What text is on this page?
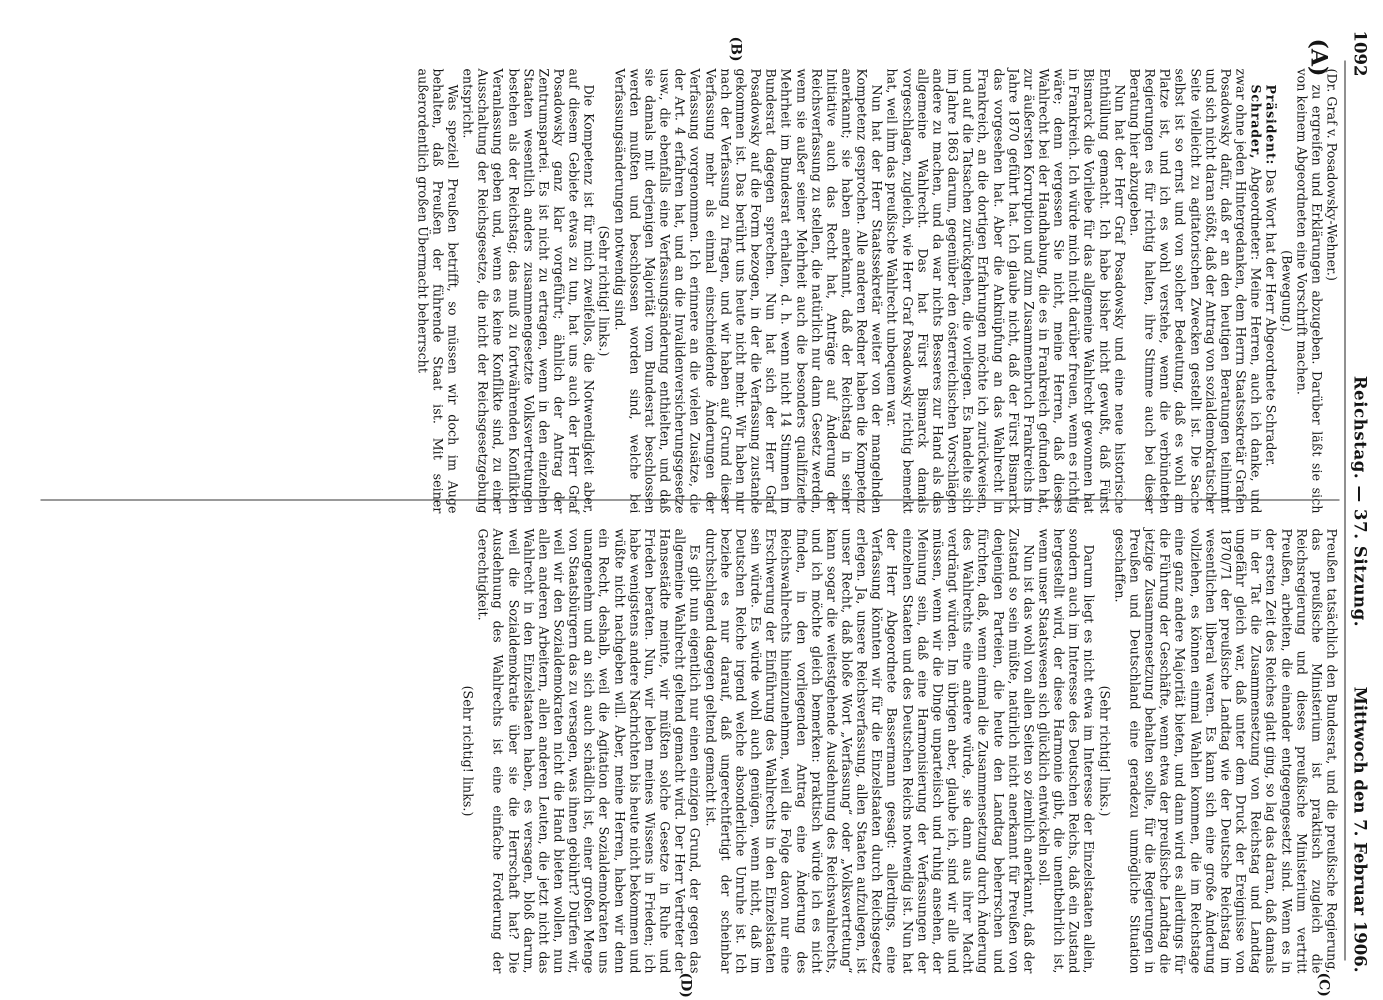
1092
Reichstag. — 37. Sitzung.
Mittwoch den 7. Februar 1906.
(A)
(B)
(C)
(D)

(Dr. Graf v. Posadowsky-Wehner.)

zu ergreifen und Erklärungen abzugeben. Darüber läßt sie sich von keinem Abgeordneten eine Vorschrift machen.

(Bewegung.)

Präsident: Das Wort hat der Herr Abgeordnete Schrader.

Schrader, Abgeordneter: Meine Herren, auch ich danke, und zwar ohne jeden Hintergedanken, dem Herrn Staatssekretär Grafen Posadowsky dafür, daß er an den heutigen Beratungen teilnimmt und sich nicht daran stößt, daß der Antrag von sozialdemokratischer Seite vielleicht zu agitatorischen Zwecken gestellt ist. Die Sache selbst ist so ernst und von solcher Bedeutung, daß es wohl am Platze ist, und ich es wohl verstehe, wenn die verbündeten Regierungen es für richtig halten, ihre Stimme auch bei dieser Beratung hier abzugeben.

Nun hat der Herr Graf Posadowsky und eine neue historische Enthüllung gemacht. Ich habe bisher nicht gewußt, daß Fürst Bismarck die Vorliebe für das allgemeine Wahlrecht gewonnen hat in Frankreich. Ich würde mich nicht darüber freuen, wenn es richtig wäre; denn vergessen Sie nicht, meine Herren, daß dieses Wahlrecht bei der Handhabung, die es in Frankreich gefunden hat, zur äußersten Korruption und zum Zusammenbruch Frankreichs im Jahre 1870 geführt hat. Ich glaube nicht, daß der Fürst Bismarck das vorgesehen hat. Aber die Anknüpfung an das Wahlrecht in Frankreich, an die dortigen Erfahrungen möchte ich zurückweisen, und auf die Tatsachen zurückgehen, die vorliegen. Es handelte sich im Jahre 1863 darum, gegenüber den österreichischen Vorschlägen andere zu machen, und da war nichts Besseres zur Hand als das allgemeine Wahlrecht. Das hat Fürst Bismarck damals vorgeschlagen, zugleich, wie Herr Graf Posadowsky richtig bemerkt hat, weil ihm das preußische Wahlrecht unbequem war.

Nun hat der Herr Staatssekretär weiter von der mangelnden Kompetenz gesprochen. Alle anderen Redner haben die Kompetenz anerkannt; sie haben anerkannt, daß der Reichstag in seiner Initiative auch das Recht hat, Anträge auf Änderung der Reichsverfassung zu stellen, die natürlich nur dann Gesetz werden, wenn sie außer seiner Mehrheit auch die besonders qualifizierte Mehrheit im Bundesrat erhalten, d. h. wenn nicht 14 Stimmen im Bundesrat dagegen sprechen. Nun hat sich der Herr Graf Posadowsky auf die Form bezogen, in der die Verfassung zustande gekommen ist. Das berührt uns heute nicht mehr. Wir haben nur nach der Verfassung zu fragen, und wir haben auf Grund dieser Verfassung mehr als einmal einschneidende Änderungen der Verfassung vorgenommen. Ich erinnere an die vielen Zusätze, die der Art. 4 erfahren hat, und an die Invalidenversicherungsgesetze usw., die ebenfalls eine Verfassungsänderung enthielten, und daß sie damals mit derjenigen Majorität vom Bundesrat beschlossen werden mußten und beschlossen worden sind, welche bei Verfassungsänderungen notwendig sind.

(Sehr richtig! links.)

Die Kompetenz ist für mich zweifellos, die Notwendigkeit aber, auf diesem Gebiete etwas zu tun, hat uns auch der Herr Graf Posadowsky ganz klar vorgeführt; ähnlich der Antrag der Zentrumspartei. Es ist nicht zu ertragen, wenn in den einzelnen Staaten wesentlich anders zusammengesetzte Volksvertretungen bestehen als der Reichstag; das muß zu fortwährenden Konflikten Veranlassung geben und, wenn es keine Konflikte sind, zu einer Ausschaltung der Reichsgesetze, die nicht der Reichsgesetzgebung entspricht.

Was speziell Preußen betrifft, so müssen wir doch im Auge behalten, daß Preußen der führende Staat ist. Mit seiner außerordentlich großen Übermacht beherrscht

Preußen tatsächlich den Bundesrat, und die preußische Regierung, das preußische Ministerium ist praktisch zugleich die Reichsregierung und dieses preußische Ministerium vertritt Preußen, arbeiten, die einander entgegengesetzt sind. Wenn es in der ersten Zeit des Reiches glatt ging, so lag das daran, daß damals in der Tat die Zusammensetzung von Reichstag und Landtag ungefähr gleich war, daß unter dem Druck der Ereignisse von 1870/71 der preußische Landtag wie der Deutsche Reichstag im wesentlichen liberal waren. Es kann sich eine große Änderung vollziehen, es können einmal Wahlen kommen, die im Reichstage eine ganz andere Majorität bieten, und dann wird es allerdings für die Führung der Geschäfte, wenn etwa der preußische Landtag die jetzige Zusammensetzung behalten sollte, für die Regierungen in Preußen und Deutschland eine geradezu unmögliche Situation geschaffen.

(Sehr richtig! links.)

Darum liegt es nicht etwa im Interesse der Einzelstaaten allein, sondern auch im Interesse des Deutschen Reichs, daß ein Zustand hergestellt wird, der diese Harmonie gibt, die unentbehrlich ist, wenn unser Staatswesen sich glücklich entwickeln soll.

Nun ist das wohl von allen Seiten so ziemlich anerkannt, daß der Zustand so sein müßte, natürlich nicht anerkannt für Preußen von denjenigen Parteien, die heute den Landtag beherrschen und fürchten, daß, wenn einmal die Zusammensetzung durch Änderung des Wahlrechts eine andere würde, sie dann aus ihrer Macht verdrängt würden. Im übrigen aber, glaube ich, sind wir alle und müssen, wenn wir die Dinge unparteiisch und ruhig ansehen, der Meinung sein, daß eine Harmonisierung der Verfassungen der einzelnen Staaten und des Deutschen Reichs notwendig ist. Nun hat der Herr Abgeordnete Bassermann gesagt: allerdings, eine Verfassung könnten wir für die Einzelstaaten durch Reichsgesetz erlegen. Ja, unsere Reichsverfassung, allen Staaten aufzulegen, ist unser Recht, daß bloße Wort „Verfassung“ oder „Volksvertretung“ kann sogar die weitestgehende Ausdehnung des Reichswahlrechts, und ich möchte gleich bemerken: praktisch würde ich es nicht finden, in den vorliegenden Antrag eine Änderung des Reichswahlrechts hineinzunehmen, weil die Folge davon nur eine Erschwerung der Einführung des Wahlrechts in den Einzelstaaten sein würde. Es würde wohl auch genügen, wenn nicht, daß im Deutschen Reiche irgend welche absonderliche Unruhe ist. Ich beziehe es nur darauf, daß ungerechtfertigt der scheinbar durchschlagend dagegen geltend gemacht ist.

Es gibt nun eigentlich nur einen einzigen Grund, der gegen das allgemeine Wahlrecht geltend gemacht wird. Der Herr Vertreter der Hansestädte meinte, wir müßten solche Gesetze in Ruhe und Frieden beraten. Nun, wir leben meines Wissens in Frieden; ich habe wenigstens andere Nachrichten bis heute nicht bekommen und wüßte nicht nachgeben will. Aber, meine Herren, haben wir denn ein Recht, deshalb, weil die Agitation der Sozialdemokraten uns unangenehm und an sich auch schädlich ist, einer großen Menge von Staatsbürgern das zu versagen, was ihnen gebührt? Dürfen wir, weil wir den Sozialdemokraten nicht die Hand bieten wollen, nun allen anderen Arbeitern, allen anderen Leuten, die jetzt nicht das Wahlrecht in den Einzelstaaten haben, es versagen, bloß darum, weil die Sozialdemokratie über sie die Herrschaft hat? Die Ausdehnung des Wahlrechts ist eine einfache Forderung der Gerechtigkeit.

(Sehr richtig! links.)
